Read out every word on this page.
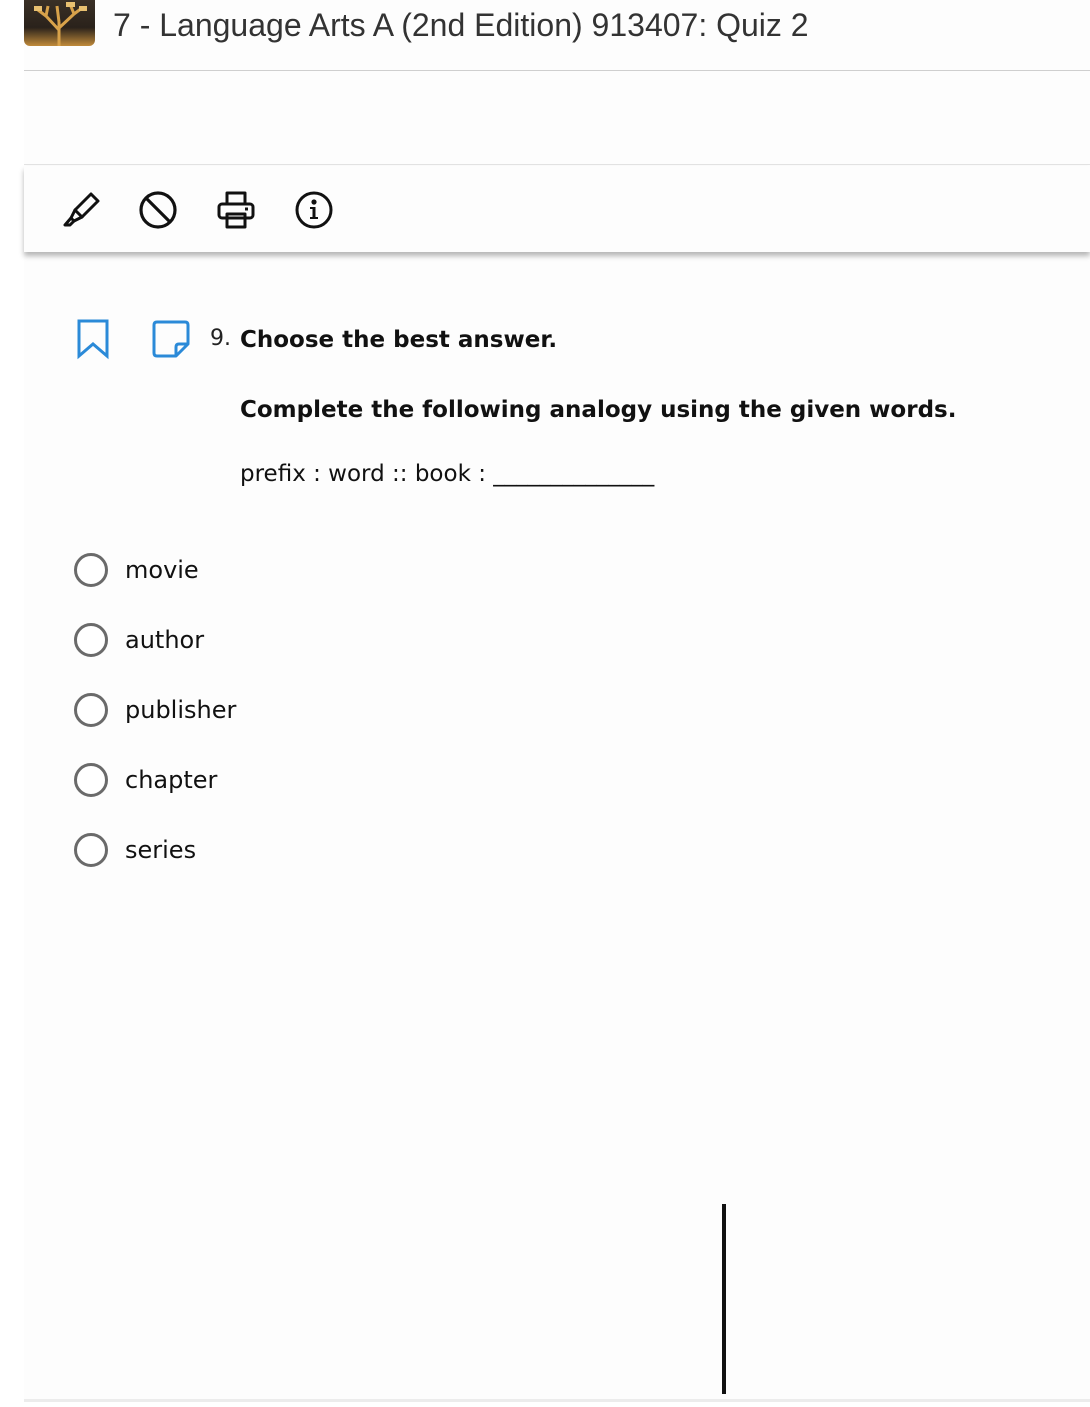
7 - Language Arts A (2nd Edition) 913407: Quiz 2
9. Choose the best answer.
Complete the following analogy using the given words.
prefix : word :: book : ______________
movie
author
publisher
chapter
series
